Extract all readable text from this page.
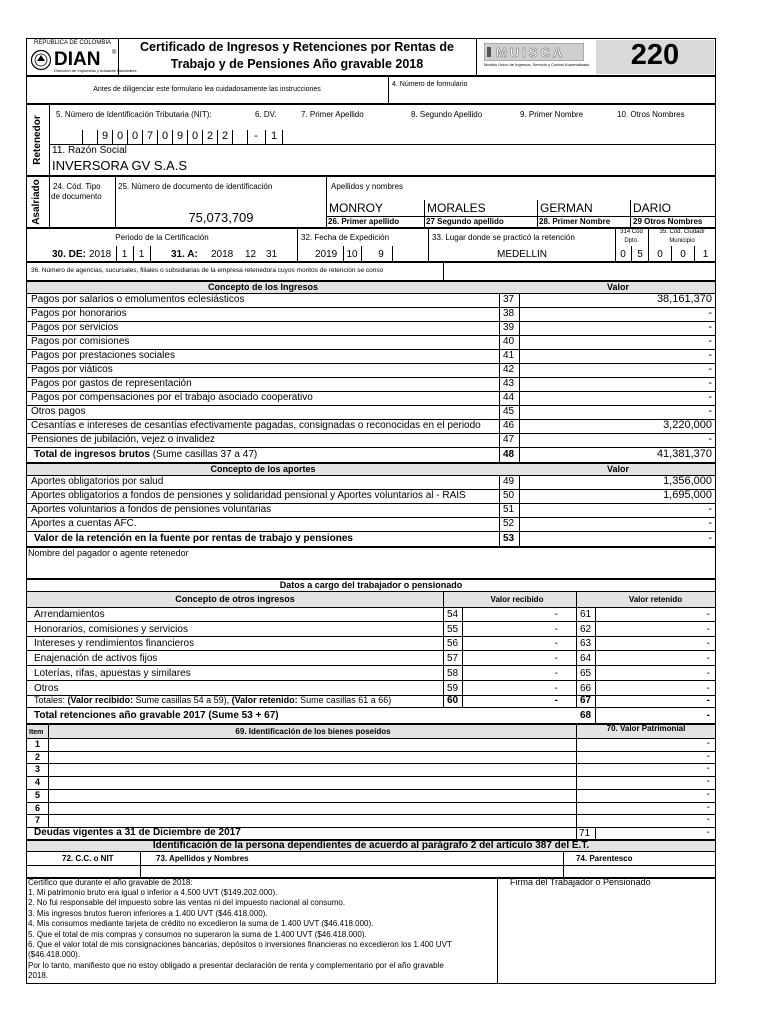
REPÚBLICA DE COLOMBIA
DIAN ®
Dirección de Impuestos y Aduanas Nacionales
Certificado de Ingresos y Retenciones por Rentas de
Trabajo y de Pensiones Año gravable 2018
MUISCA
Modelo Único de Ingresos, Servicio y Control Automatizado	220
Antes de diligenciar este formulario lea cuidadosamente las instrucciones
4. Número de formulario
Retenedor
5. Número de Identificación Tributaria (NIT):	6. DV.	7. Primer Apellido	8. Segundo Apellido	9. Primer Nombre	10. Otros Nombres
9 0 0 7 0 9 0 2 2	-	1
11. Razón Social
INVERSORA GV S.A.S
Asalriado 24. Cód. Tipo
de documento
25. Número de documento de identificación	Apellidos y nombres
75,073,709
MONROY	MORALES	GERMAN	DARIO
26. Primer apellido	27 Segundo apellido	28. Primer Nombre	29 Otros Nombres
Periodo de la Certificación	32. Fecha de Expedición	33. Lugar donde se practicó la retención
314 Cód
Dpto.
35. Cód. Ciudad/
Municipio
30. DE: 2018	1	1	31. A: 2018 12 31	2019 10	9	MEDELLIN	0	5	0	0	1
36. Número de agencias, sucursales, filiales o subsidiarias de la empresa retenedora cuyos montos de retención se conso
Concepto de los Ingresos	Valor
Pagos por salarios o emolumentos eclesiásticos	37	38,161,370
Pagos por honorarios	38	-
Pagos por servicios	39	-
Pagos por comisiones	40	-
Pagos por prestaciones sociales	41	-
Pagos por viáticos	42	-
Pagos por gastos de representación	43	-
Pagos por compensaciones por el trabajo asociado cooperativo	44	-
Otros pagos	45	-
Cesantías e intereses de cesantías efectivamente pagadas, consignadas o reconocidas en el periodo 46	3,220,000
Pensiones de jubilación, vejez o invalidez	47	-
Total de ingresos brutos (Sume casillas 37 a 47)	48	41,381,370
Concepto de los aportes	Valor
Aportes obligatorios por salud	49	1,356,000
Aportes obligatorios a fondos de pensiones y solidaridad pensional y Aportes voluntarios al - RAIS	50	1,695,000
Aportes voluntarios a fondos de pensiones voluntarias	51	-
Aportes a cuentas AFC.	52	-
Valor de la retención en la fuente por rentas de trabajo y pensiones	53	-
Nombre del pagador o agente retenedor
Datos a cargo del trabajador o pensionado
Concepto de otros ingresos	Valor recibido	Valor retenido
Arrendamientos	54	- 61	-
Honorarios, comisiones y servicios	55	- 62	-
Intereses y rendimientos financieros	56	- 63	-
Enajenación de activos fijos	57	- 64	-
Loterías, rifas, apuestas y similares	58	- 65	-
Otros	59	- 66	-
Totales: (Valor recibido: Sume casillas 54 a 59), (Valor retenido: Sume casillas 61 a 66)	60	- 67	-
Total retenciones año gravable 2017 (Sume 53 + 67)	68	-
Item	69. Identificación de los bienes poseídos	70. Valor Patrimonial
1	-
2	-
3	-
4	-
5	-
6	-
7	-
Deudas vigentes a 31 de Diciembre de 2017	71	-
Identificación de la persona dependientes de acuerdo al parágrafo 2 del artículo 387 del E.T.
72. C.C. o NIT	73. Apellidos y Nombres	74. Parentesco
Firma del Trabajador o Pensionado
Certifico que durante el año gravable de 2018:
1. Mi patrimonio bruto era igual o inferior a 4.500 UVT ($149.202.000).
2. No fui responsable del impuesto sobre las ventas ni del impuesto nacional al consumo.
3. Mis ingresos brutos fueron inferiores a 1.400 UVT ($46.418.000).
4. Mis consumos mediante tarjeta de crédito no excedieron la suma de 1.400 UVT ($46.418.000).
5. Que el total de mis compras y consumos no superaron la suma de 1.400 UVT ($46.418.000).
6. Que el valor total de mis consignaciones bancarias, depósitos o inversiones financieras no excedieron los 1.400 UVT
($46.418.000).
Por lo tanto, manifiesto que no estoy obligado a presentar declaración de renta y complementario por el año gravable
2018.
